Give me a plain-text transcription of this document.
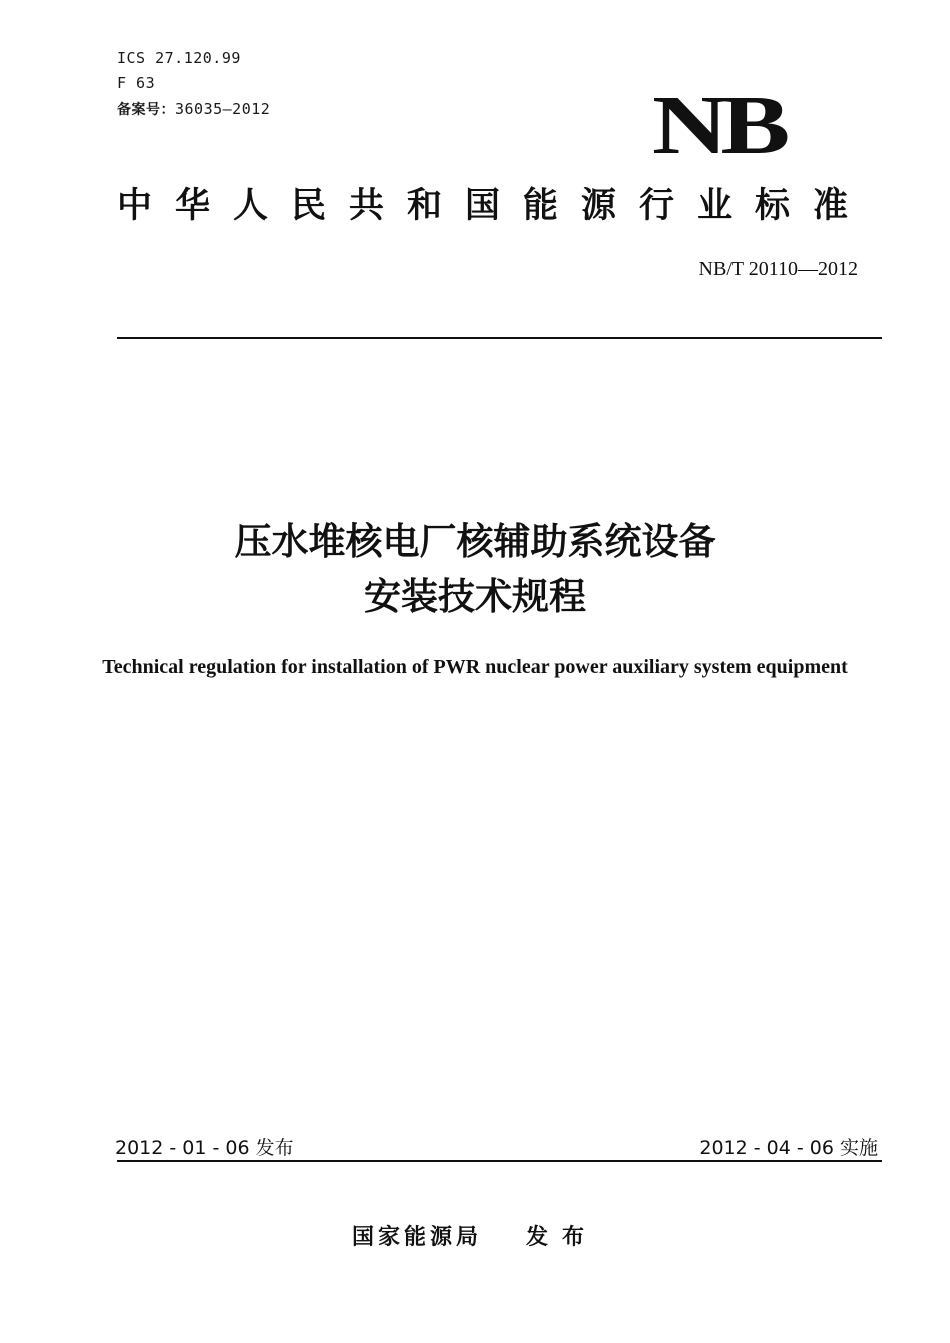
ICS 27.120.99
F 63
备案号：36035—2012	NB
中华人民共和国能源行业标准
NB/T 20110—2012
压水堆核电厂核辅助系统设备
安装技术规程
Technical regulation for installation of PWR nuclear power auxiliary system equipment
2012 - 01 - 06 发布	2012 - 04 - 06 实施
国家能源局 发布
